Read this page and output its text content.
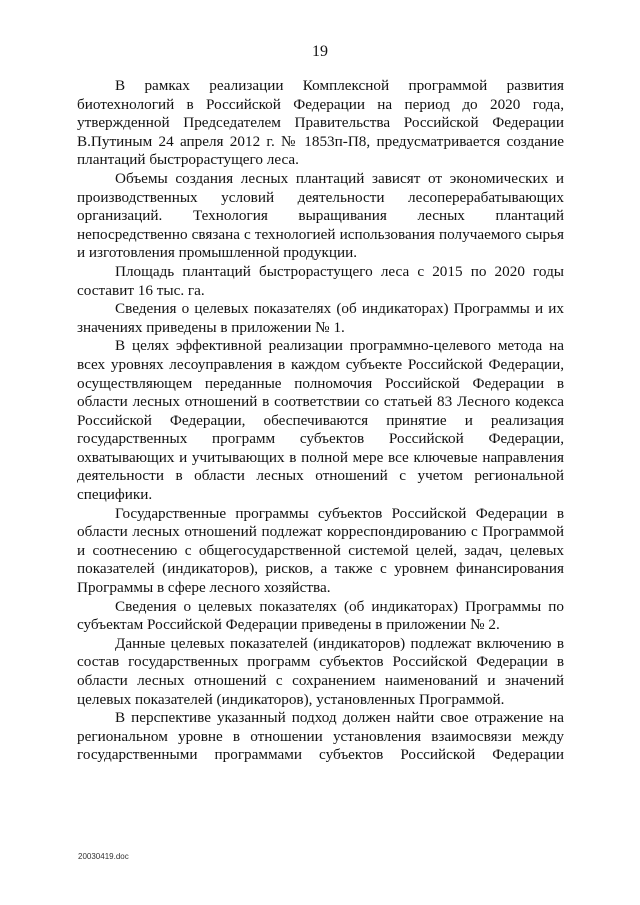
19

В рамках реализации Комплексной программой развития биотехнологий в Российской Федерации на период до 2020 года, утвержденной Председателем Правительства Российской Федерации В.Путиным 24 апреля 2012 г. № 1853п-П8, предусматривается создание плантаций быстрорастущего леса.

Объемы создания лесных плантаций зависят от экономических и производственных условий деятельности лесоперерабатывающих организаций. Технология выращивания лесных плантаций непосредственно связана с технологией использования получаемого сырья и изготовления промышленной продукции.

Площадь плантаций быстрорастущего леса с 2015 по 2020 годы составит 16 тыс. га.

Сведения о целевых показателях (об индикаторах) Программы и их значениях приведены в приложении № 1.

В целях эффективной реализации программно-целевого метода на всех уровнях лесоуправления в каждом субъекте Российской Федерации, осуществляющем переданные полномочия Российской Федерации в области лесных отношений в соответствии со статьей 83 Лесного кодекса Российской Федерации, обеспечиваются принятие и реализация государственных программ субъектов Российской Федерации, охватывающих и учитывающих в полной мере все ключевые направления деятельности в области лесных отношений с учетом региональной специфики.

Государственные программы субъектов Российской Федерации в области лесных отношений подлежат корреспондированию с Программой и соотнесению с общегосударственной системой целей, задач, целевых показателей (индикаторов), рисков, а также с уровнем финансирования Программы в сфере лесного хозяйства.

Сведения о целевых показателях (об индикаторах) Программы по субъектам Российской Федерации приведены в приложении № 2.

Данные целевых показателей (индикаторов) подлежат включению в состав государственных программ субъектов Российской Федерации в области лесных отношений с сохранением наименований и значений целевых показателей (индикаторов), установленных Программой.

В перспективе указанный подход должен найти свое отражение на региональном уровне в отношении установления взаимосвязи между государственными программами субъектов Российской Федерации

20030419.doc
